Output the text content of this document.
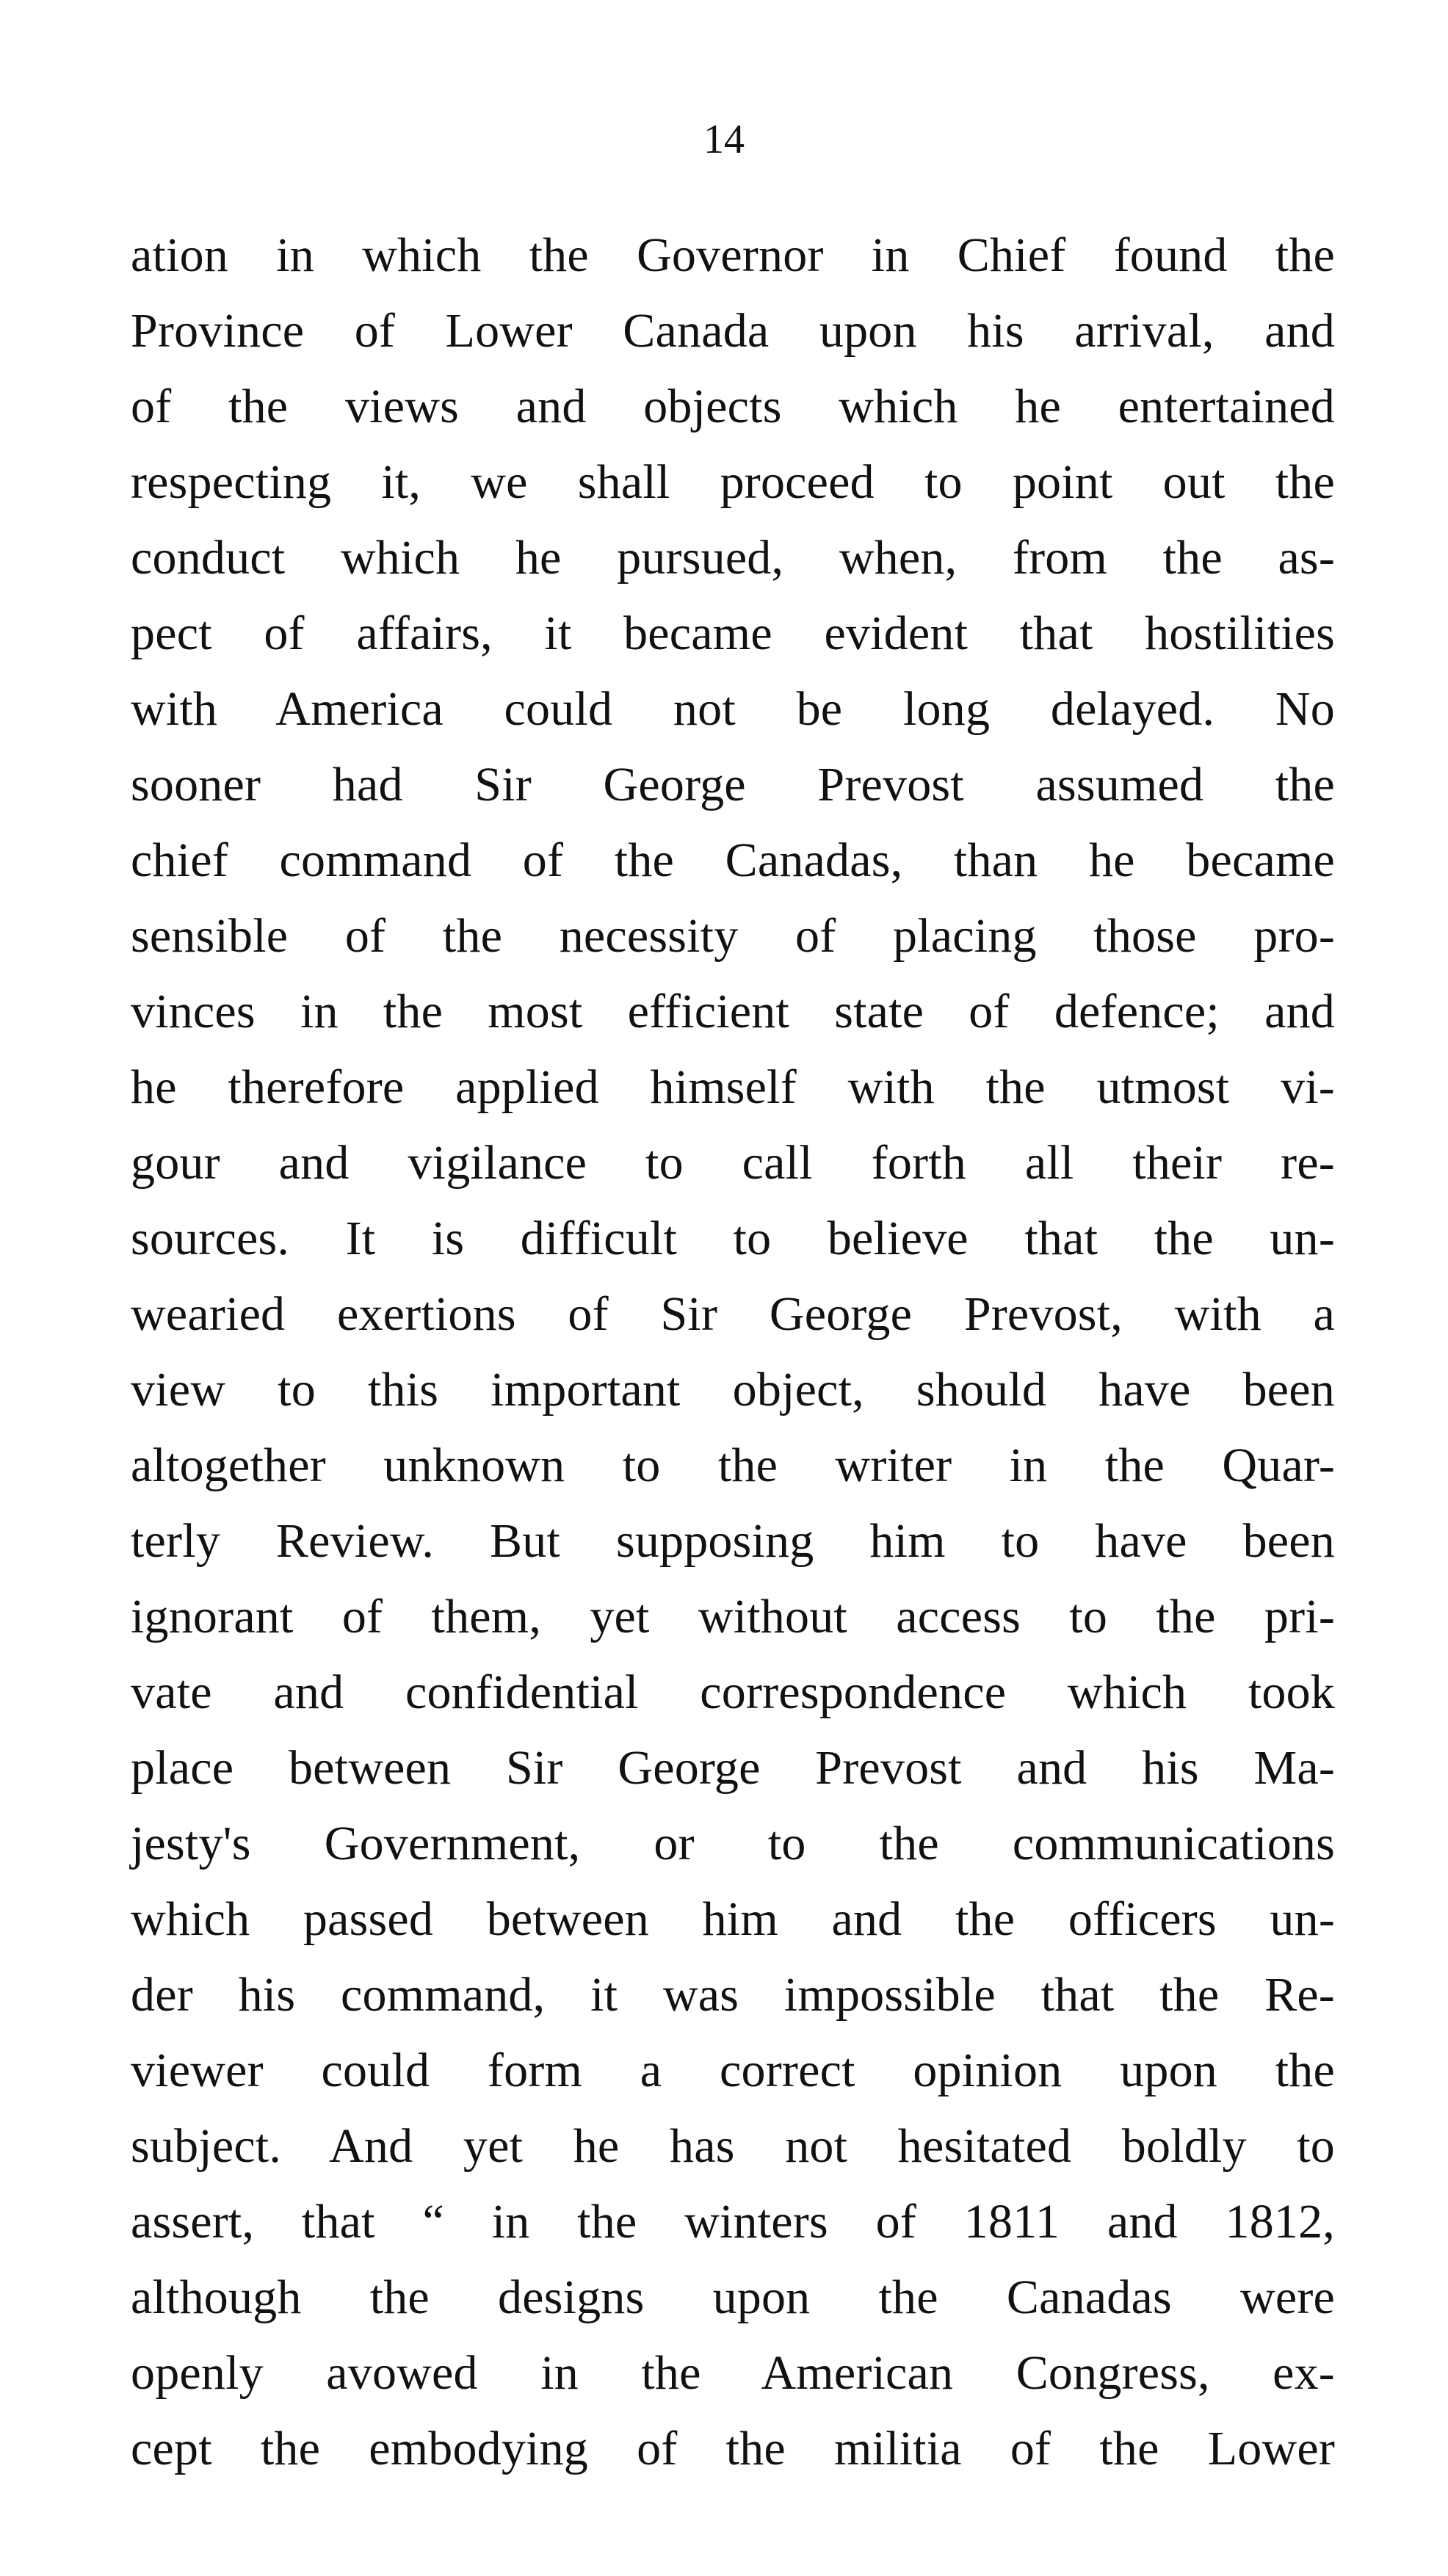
14
ation in which the Governor in Chief found the
Province of Lower Canada upon his arrival, and
of the views and objects which he entertained
respecting it, we shall proceed to point out the
conduct which he pursued, when, from the as-
pect of affairs, it became evident that hostilities
with America could not be long delayed. No
sooner had Sir George Prevost assumed the
chief command of the Canadas, than he became
sensible of the necessity of placing those pro-
vinces in the most efficient state of defence; and
he therefore applied himself with the utmost vi-
gour and vigilance to call forth all their re-
sources. It is difficult to believe that the un-
wearied exertions of Sir George Prevost, with a
view to this important object, should have been
altogether unknown to the writer in the Quar-
terly Review. But supposing him to have been
ignorant of them, yet without access to the pri-
vate and confidential correspondence which took
place between Sir George Prevost and his Ma-
jesty's Government, or to the communications
which passed between him and the officers un-
der his command, it was impossible that the Re-
viewer could form a correct opinion upon the
subject. And yet he has not hesitated boldly to
assert, that “ in the winters of 1811 and 1812,
although the designs upon the Canadas were
openly avowed in the American Congress, ex-
cept the embodying of the militia of the Lower
